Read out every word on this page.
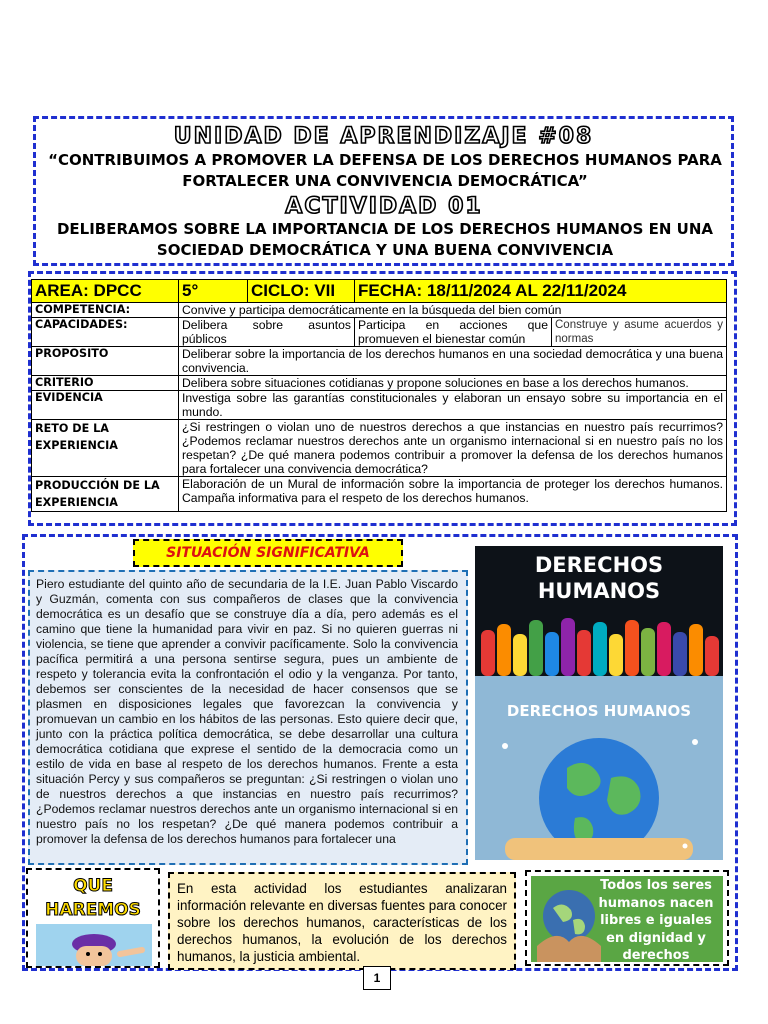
UNIDAD DE APRENDIZAJE #08
“CONTRIBUIMOS A PROMOVER LA DEFENSA DE LOS DERECHOS HUMANOS PARA FORTALECER UNA CONVIVENCIA DEMOCRÁTICA”
ACTIVIDAD 01
DELIBERAMOS SOBRE LA IMPORTANCIA DE LOS DERECHOS HUMANOS EN UNA SOCIEDAD DEMOCRÁTICA Y UNA BUENA CONVIVENCIA
AREA: DPCC	5°	CICLO: VII	FECHA: 18/11/2024 AL 22/11/2024	
COMPETENCIA:	Convive y participa democráticamente en la búsqueda del bien común			
CAPACIDADES:	Delibera sobre asuntos públicos		Participa en acciones que promueven el bienestar común	Construye y asume acuerdos y normas
PROPOSITO	Deliberar sobre la importancia de los derechos humanos en una sociedad democrática y una buena convivencia.			
CRITERIO	Delibera sobre situaciones cotidianas y propone soluciones en base a los derechos humanos.			
EVIDENCIA	Investiga sobre las garantías constitucionales y elaboran un ensayo sobre su importancia en el mundo.			
RETO DE LA EXPERIENCIA	¿Si restringen o violan uno de nuestros derechos a que instancias en nuestro país recurrimos? ¿Podemos reclamar nuestros derechos ante un organismo internacional si en nuestro país no los respetan? ¿De qué manera podemos contribuir a promover la defensa de los derechos humanos para fortalecer una convivencia democrática?			
PRODUCCIÓN DE LA EXPERIENCIA	Elaboración de un Mural de información sobre la importancia de proteger los derechos humanos. Campaña informativa para el respeto de los derechos humanos.			
SITUACIÓN SIGNIFICATIVA
Piero estudiante del quinto año de secundaria de la I.E. Juan Pablo Viscardo y Guzmán, comenta con sus compañeros de clases que la convivencia democrática es un desafío que se construye día a día, pero además es el camino que tiene la humanidad para vivir en paz. Si no quieren guerras ni violencia, se tiene que aprender a convivir pacíficamente. Solo la convivencia pacífica permitirá a una persona sentirse segura, pues un ambiente de respeto y tolerancia evita la confrontación el odio y la venganza. Por tanto, debemos ser conscientes de la necesidad de hacer consensos que se plasmen en disposiciones legales que favorezcan la convivencia y promuevan un cambio en los hábitos de las personas. Esto quiere decir que, junto con la práctica política democrática, se debe desarrollar una cultura democrática cotidiana que exprese el sentido de la democracia como un estilo de vida en base al respeto de los derechos humanos. Frente a esta situación Percy y sus compañeros se preguntan: ¿Si restringen o violan uno de nuestros derechos a que instancias en nuestro país recurrimos? ¿Podemos reclamar nuestros derechos ante un organismo internacional si en nuestro país no los respetan? ¿De qué manera podemos contribuir a promover la defensa de los derechos humanos para fortalecer una
DERECHOS
HUMANOS
DERECHOS HUMANOS
QUE HAREMOS
En esta actividad los estudiantes analizaran información relevante en diversas fuentes para conocer sobre los derechos humanos, características de los derechos humanos, la evolución de los derechos humanos, la justicia ambiental.
Todos los seres humanos nacen libres e iguales en dignidad y derechos
1
